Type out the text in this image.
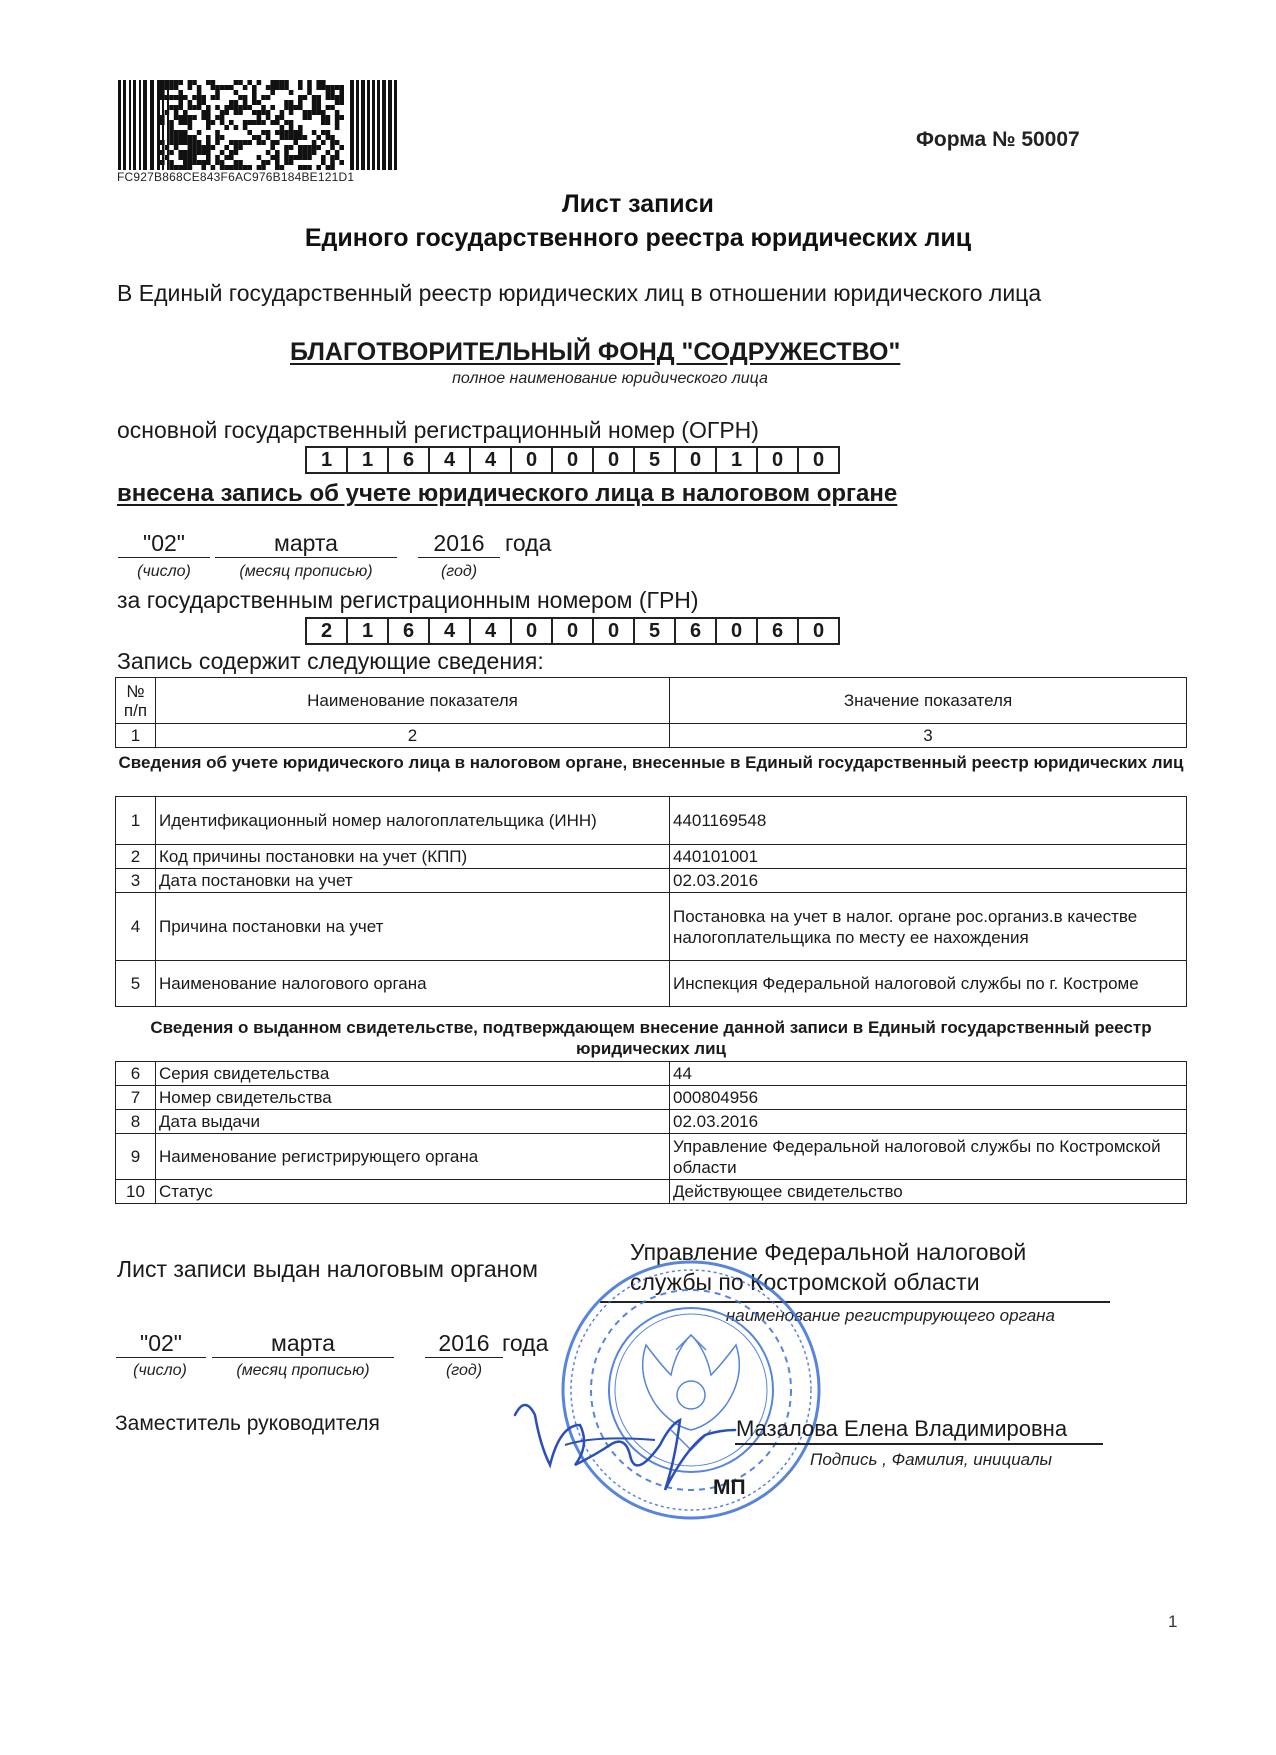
FC927B868CE843F6AC976B184BE121D1
Форма № 50007
Лист записи
Единого государственного реестра юридических лиц
В Единый государственный реестр юридических лиц в отношении юридического лица
БЛАГОТВОРИТЕЛЬНЫЙ ФОНД "СОДРУЖЕСТВО"
полное наименование юридического лица
основной государственный регистрационный номер (ОГРН)
1	1	6	4	4	0	0	0	5	0	1	0	0
внесена запись об учете юридического лица в налоговом органе
"02"	марта	2016 года
(число)	(месяц прописью)	(год)
за государственным регистрационным номером (ГРН)
2	1	6	4	4	0	0	0	5	6	0	6	0
Запись содержит следующие сведения:
№
п/п	Наименование показателя	Значение показателя
1	2	3
Сведения об учете юридического лица в налоговом органе, внесенные в Единый государственный реестр юридических лиц
1	Идентификационный номер налогоплательщика (ИНН)	4401169548
2	Код причины постановки на учет (КПП)	440101001
3	Дата постановки на учет	02.03.2016
4	Причина постановки на учет	Постановка на учет в налог. органе рос.организ.в качестве налогоплательщика по месту ее нахождения
5	Наименование налогового органа	Инспекция Федеральной налоговой службы по г. Костроме
Сведения о выданном свидетельстве, подтверждающем внесение данной записи в Единый государственный реестр юридических лиц
6	Серия свидетельства	44
7	Номер свидетельства	000804956
8	Дата выдачи	02.03.2016
9	Наименование регистрирующего органа	Управление Федеральной налоговой службы по Костромской области
10	Статус	Действующее свидетельство
Лист записи выдан налоговым органом
Управление Федеральной налоговой службы по Костромской области
наименование регистрирующего органа
"02"	марта	2016 года
(число)	(месяц прописью)	(год)
Заместитель руководителя	Мазалова Елена Владимировна
Подпись , Фамилия, инициалы
МП
1
